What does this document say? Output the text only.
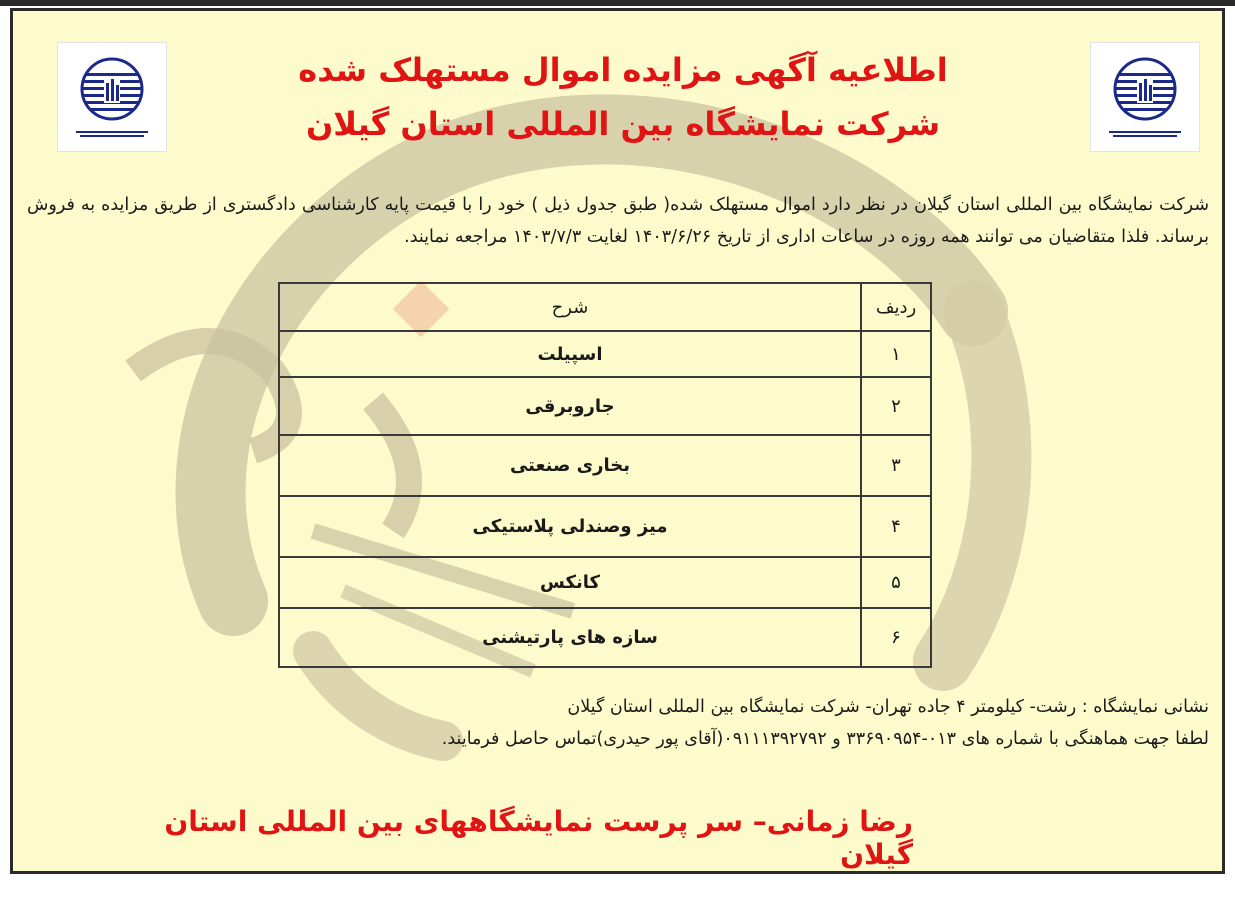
اطلاعیه آگهی مزایده اموال مستهلک شده
شرکت نمایشگاه بین المللی استان گیلان

شرکت نمایشگاه بین المللی استان گیلان در نظر دارد اموال مستهلک شده( طبق جدول ذیل ) خود را با قیمت پایه کارشناسی دادگستری از طریق مزایده به فروش برساند. فلذا متقاضیان می توانند همه روزه در ساعات اداری از تاریخ ۱۴۰۳/۶/۲۶ لغایت ۱۴۰۳/۷/۳ مراجعه نمایند.

ردیف	شرح
۱	اسپیلت
۲	جاروبرقی
۳	بخاری صنعتی
۴	میز وصندلی پلاستیکی
۵	کانکس
۶	سازه های پارتیشنی
نشانی نمایشگاه : رشت- کیلومتر ۴ جاده تهران- شرکت نمایشگاه بین المللی استان گیلان
لطفا جهت هماهنگی با شماره های ۰۱۳-۳۳۶۹۰۹۵۴ و ۰۹۱۱۱۳۹۲۷۹۲(آقای پور حیدری)تماس حاصل فرمایند.

رضا زمانی– سر پرست نمایشگاههای بین المللی استان گیلان
